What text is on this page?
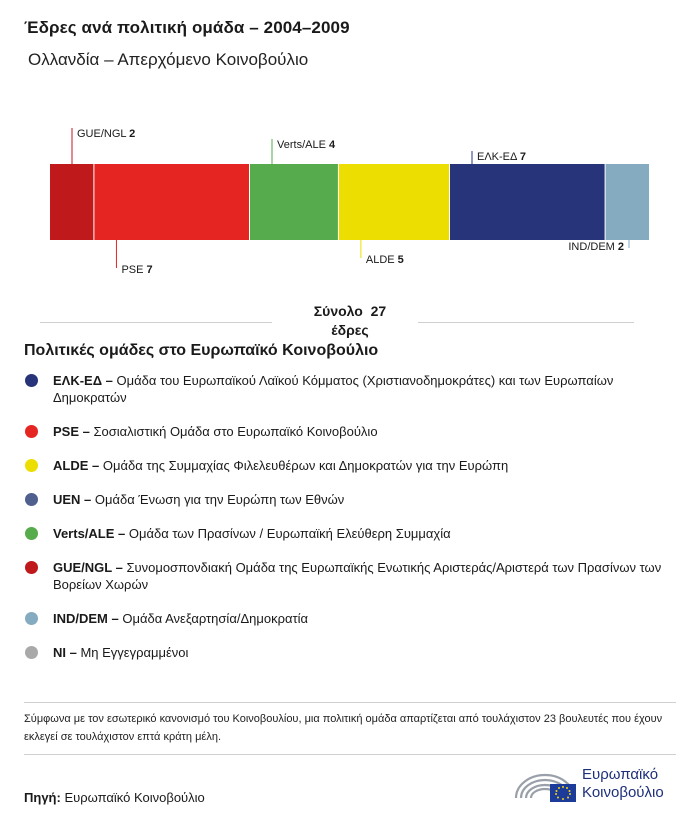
Έδρες ανά πολιτική ομάδα – 2004–2009
Ολλανδία – Απερχόμενο Κοινοβούλιο
GUE/NGL 2
PSE 7
Verts/ALE 4
ALDE 5
ΕΛΚ-ΕΔ 7
IND/DEM 2
Σύνολο 27
έδρες
Πολιτικές ομάδες στο Ευρωπαϊκό Κοινοβούλιο
ΕΛΚ-ΕΔ – Ομάδα του Ευρωπαϊκού Λαϊκού Κόμματος (Χριστιανοδημοκράτες) και των Ευρωπαίων Δημοκρατών
PSE – Σοσιαλιστική Ομάδα στο Ευρωπαϊκό Κοινοβούλιο
ALDE – Ομάδα της Συμμαχίας Φιλελευθέρων και Δημοκρατών για την Ευρώπη
UEN – Ομάδα Ένωση για την Ευρώπη των Εθνών
Verts/ALE – Ομάδα των Πρασίνων / Ευρωπαϊκή Ελεύθερη Συμμαχία
GUE/NGL – Συνομοσπονδιακή Ομάδα της Ευρωπαϊκής Ενωτικής Αριστεράς/Αριστερά των Πρασίνων των Βορείων Χωρών
IND/DEM – Ομάδα Ανεξαρτησία/Δημοκρατία
NI – Μη Εγγεγραμμένοι
Σύμφωνα με τον εσωτερικό κανονισμό του Κοινοβουλίου, μια πολιτική ομάδα απαρτίζεται από τουλάχιστον 23 βουλευτές που έχουν εκλεγεί σε τουλάχιστον επτά κράτη μέλη.
Πηγή: Ευρωπαϊκό Κοινοβούλιο
Ευρωπαϊκό
Κοινοβούλιο
